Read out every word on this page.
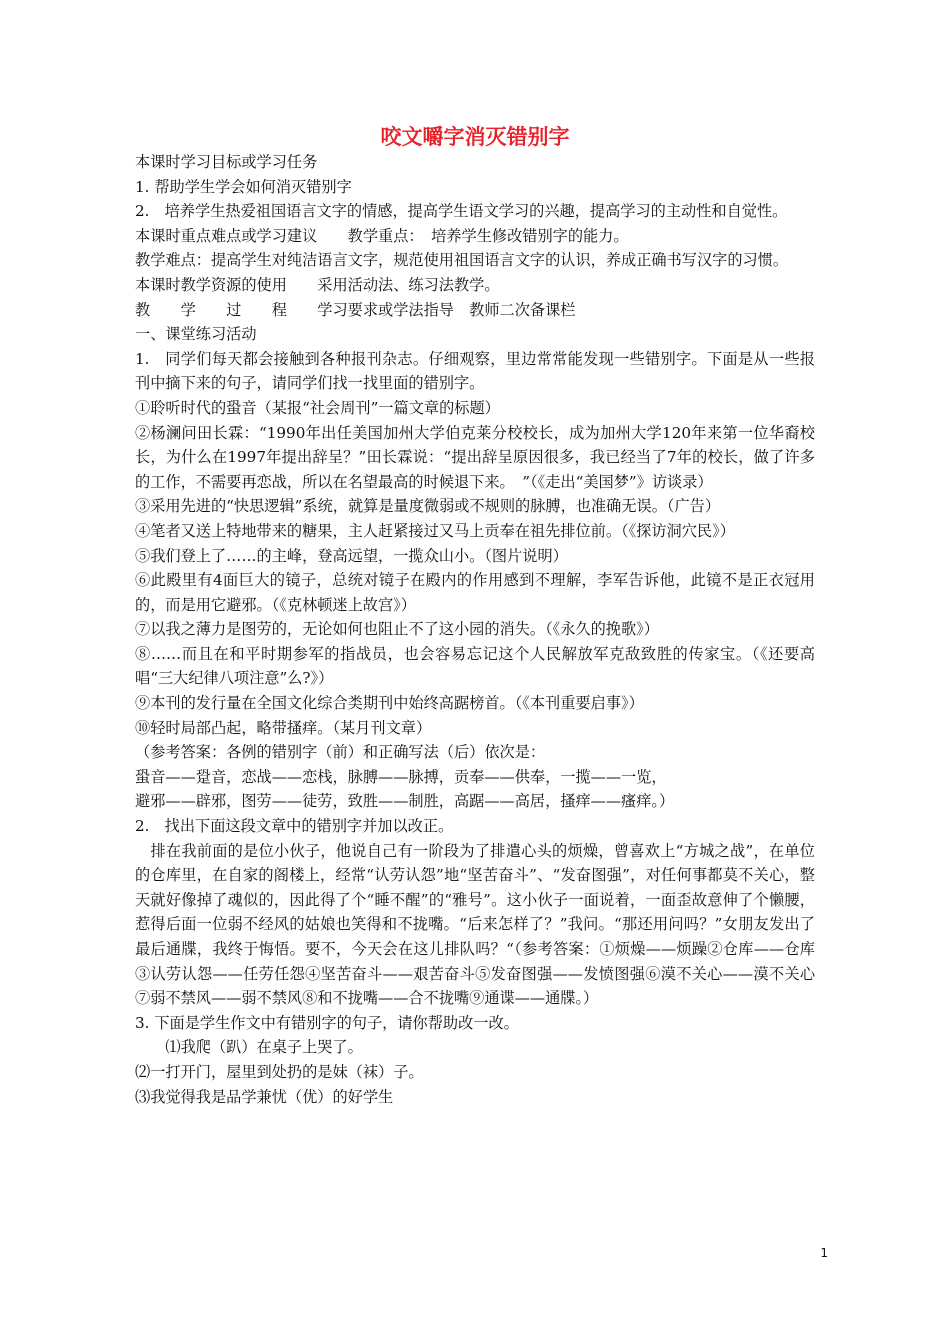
咬文嚼字消灭错别字

本课时学习目标或学习任务

1. 帮助学生学会如何消灭错别字

2.　培养学生热爱祖国语言文字的情感，提高学生语文学习的兴趣，提高学习的主动性和自觉性。

本课时重点难点或学习建议　　教学重点：　培养学生修改错别字的能力。

教学难点：提高学生对纯洁语言文字，规范使用祖国语言文字的认识，养成正确书写汉字的习惯。

本课时教学资源的使用　　采用活动法、练习法教学。

教　　学　　过　　程　　学习要求或学法指导　教师二次备课栏

一、课堂练习活动

1.　同学们每天都会接触到各种报刊杂志。仔细观察，里边常常能发现一些错别字。下面是从一些报刊中摘下来的句子，请同学们找一找里面的错别字。

①聆听时代的蛩音（某报“社会周刊”一篇文章的标题）

②杨澜问田长霖：“1990年出任美国加州大学伯克莱分校校长，成为加州大学120年来第一位华裔校长，为什么在1997年提出辞呈？”田长霖说：“提出辞呈原因很多，我已经当了7年的校长，做了许多的工作，不需要再恋战，所以在名望最高的时候退下来。　”（《走出“美国梦”》访谈录）

③采用先进的“快思逻辑”系统，就算是量度微弱或不规则的脉膊，也准确无误。（广告）

④笔者又送上特地带来的糖果，主人赶紧接过又马上贡奉在祖先排位前。（《探访洞穴民》）

⑤我们登上了……的主峰，登高远望，一揽众山小。（图片说明）

⑥此殿里有4面巨大的镜子，总统对镜子在殿内的作用感到不理解，李军告诉他，此镜不是正衣冠用的，而是用它避邪。（《克林顿迷上故宫》）

⑦以我之薄力是图劳的，无论如何也阻止不了这小园的消失。（《永久的挽歌》）

⑧……而且在和平时期参军的指战员，也会容易忘记这个人民解放军克敌致胜的传家宝。（《还要高唱“三大纪律八项注意”么?》）

⑨本刊的发行量在全国文化综合类期刊中始终高踞榜首。（《本刊重要启事》）

⑩轻时局部凸起，略带搔痒。（某月刊文章）

（参考答案：各例的错别字（前）和正确写法（后）依次是：

蛩音——跫音，恋战——恋栈，脉膊——脉搏，贡奉——供奉，一揽——一览，

避邪——辟邪，图劳——徒劳，致胜——制胜，高踞——高居，搔痒——瘙痒。）

2.　找出下面这段文章中的错别字并加以改正。

　排在我前面的是位小伙子，他说自己有一阶段为了排遣心头的烦燥，曾喜欢上“方城之战”，在单位的仓库里，在自家的阁楼上，经常“认劳认怨”地“坚苦奋斗”、“发奋图强”，对任何事都莫不关心，整天就好像掉了魂似的，因此得了个“睡不醒”的“雅号”。这小伙子一面说着，一面歪故意伸了个懒腰，惹得后面一位弱不经风的姑娘也笑得和不拢嘴。“后来怎样了？”我问。“那还用问吗？”女朋友发出了最后通牒，我终于悔悟。要不，今天会在这儿排队吗？“（参考答案：①烦燥——烦躁②仓库——仓库③认劳认怨——任劳任怨④坚苦奋斗——艰苦奋斗⑤发奋图强——发愤图强⑥漠不关心——漠不关心⑦弱不禁风——弱不禁风⑧和不拢嘴——合不拢嘴⑨通谍——通牒。）

3. 下面是学生作文中有错别字的句子，请你帮助改一改。

　　⑴我爬（趴）在桌子上哭了。

⑵一打开门，屋里到处扔的是妹（袜）子。

⑶我觉得我是品学兼忧（优）的好学生

1
